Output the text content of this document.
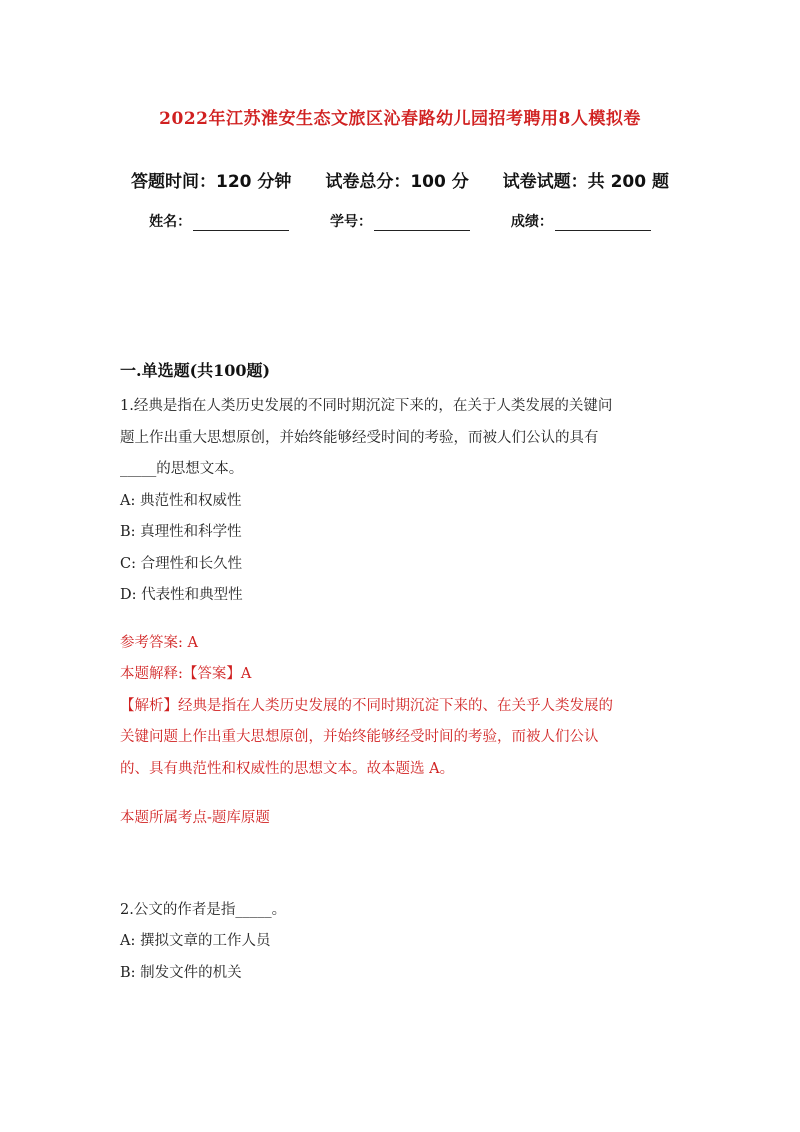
2022年江苏淮安生态文旅区沁春路幼儿园招考聘用8人模拟卷
答题时间：120 分钟 试卷总分：100 分 试卷试题：共 200 题
姓名：	学号：	成绩：
一.单选题(共100题)
1.经典是指在人类历史发展的不同时期沉淀下来的，在关于人类发展的关键问
题上作出重大思想原创，并始终能够经受时间的考验，而被人们公认的具有
_____的思想文本。
A: 典范性和权威性
B: 真理性和科学性
C: 合理性和长久性
D: 代表性和典型性
参考答案: A
本题解释:【答案】A
【解析】经典是指在人类历史发展的不同时期沉淀下来的、在关乎人类发展的
关键问题上作出重大思想原创，并始终能够经受时间的考验，而被人们公认
的、具有典范性和权威性的思想文本。故本题选 A。
本题所属考点-题库原题
2.公文的作者是指_____。
A: 撰拟文章的工作人员
B: 制发文件的机关
